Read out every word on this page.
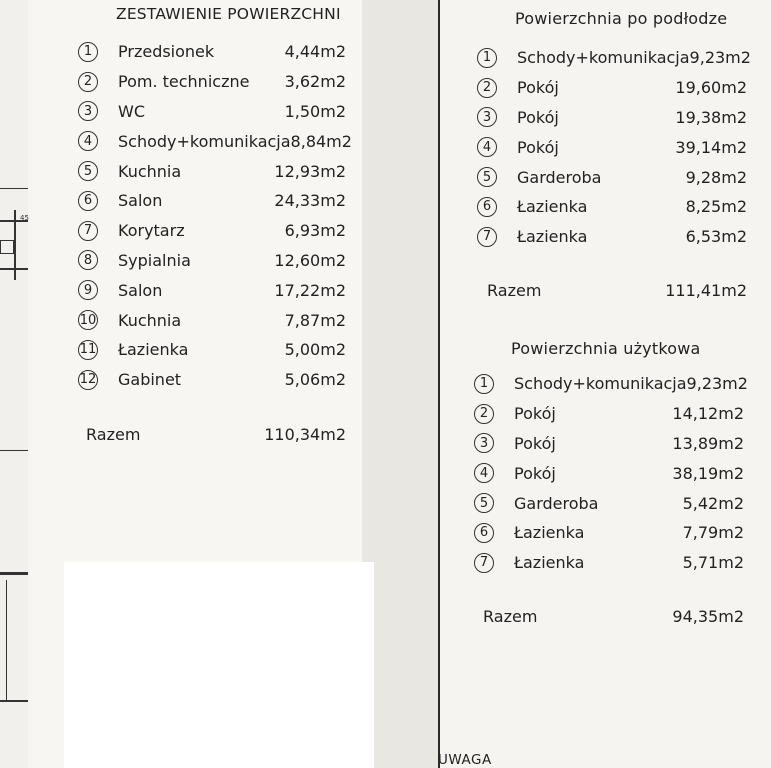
45
ZESTAWIENIE POWIERZCHNI
1	Przedsionek	4,44m2
2	Pom. techniczne	3,62m2
3	WC	1,50m2
4	Schody+komunikacja 8,84m2
5	Kuchnia	12,93m2
6	Salon	24,33m2
7	Korytarz	6,93m2
8	Sypialnia	12,60m2
9	Salon	17,22m2
10	Kuchnia	7,87m2
11	Łazienka	5,00m2
12	Gabinet	5,06m2
Razem	110,34m2
Powierzchnia po podłodze
1	Schody+komunikacja 9,23m2
2	Pokój	19,60m2
3	Pokój	19,38m2
4	Pokój	39,14m2
5	Garderoba	9,28m2
6	Łazienka	8,25m2
7	Łazienka	6,53m2
Razem	111,41m2
Powierzchnia użytkowa
1	Schody+komunikacja 9,23m2
2	Pokój	14,12m2
3	Pokój	13,89m2
4	Pokój	38,19m2
5	Garderoba	5,42m2
6	Łazienka	7,79m2
7	Łazienka	5,71m2
Razem	94,35m2
UWAGA
